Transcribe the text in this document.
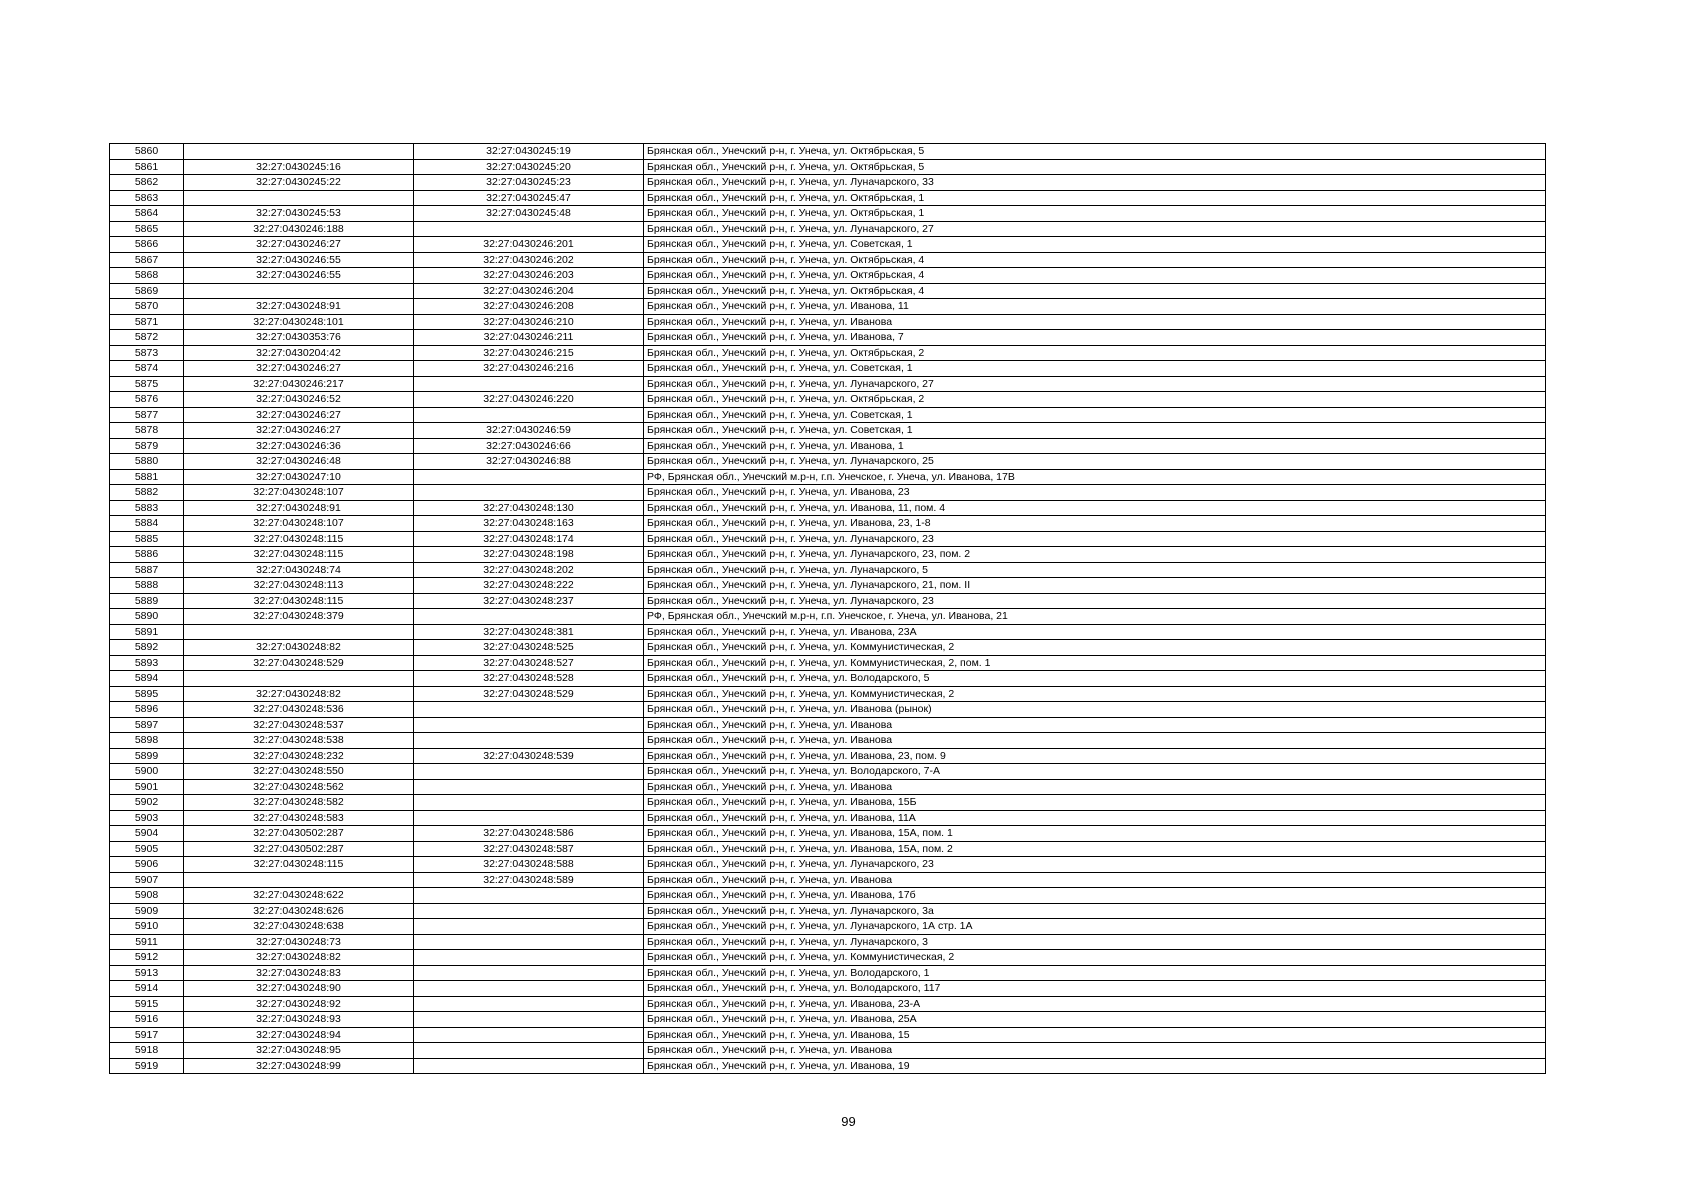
5860		32:27:0430245:19	Брянская обл., Унечский р-н, г. Унеча, ул. Октябрьская, 5
5861	32:27:0430245:16	32:27:0430245:20	Брянская обл., Унечский р-н, г. Унеча, ул. Октябрьская, 5
5862	32:27:0430245:22	32:27:0430245:23	Брянская обл., Унечский р-н, г. Унеча, ул. Луначарского, 33
5863		32:27:0430245:47	Брянская обл., Унечский р-н, г. Унеча, ул. Октябрьская, 1
5864	32:27:0430245:53	32:27:0430245:48	Брянская обл., Унечский р-н, г. Унеча, ул. Октябрьская, 1
5865	32:27:0430246:188		Брянская обл., Унечский р-н, г. Унеча, ул. Луначарского, 27
5866	32:27:0430246:27	32:27:0430246:201	Брянская обл., Унечский р-н, г. Унеча, ул. Советская, 1
5867	32:27:0430246:55	32:27:0430246:202	Брянская обл., Унечский р-н, г. Унеча, ул. Октябрьская, 4
5868	32:27:0430246:55	32:27:0430246:203	Брянская обл., Унечский р-н, г. Унеча, ул. Октябрьская, 4
5869		32:27:0430246:204	Брянская обл., Унечский р-н, г. Унеча, ул. Октябрьская, 4
5870	32:27:0430248:91	32:27:0430246:208	Брянская обл., Унечский р-н, г. Унеча, ул. Иванова, 11
5871	32:27:0430248:101	32:27:0430246:210	Брянская обл., Унечский р-н, г. Унеча, ул. Иванова
5872	32:27:0430353:76	32:27:0430246:211	Брянская обл., Унечский р-н, г. Унеча, ул. Иванова, 7
5873	32:27:0430204:42	32:27:0430246:215	Брянская обл., Унечский р-н, г. Унеча, ул. Октябрьская, 2
5874	32:27:0430246:27	32:27:0430246:216	Брянская обл., Унечский р-н, г. Унеча, ул. Советская, 1
5875	32:27:0430246:217		Брянская обл., Унечский р-н, г. Унеча, ул. Луначарского, 27
5876	32:27:0430246:52	32:27:0430246:220	Брянская обл., Унечский р-н, г. Унеча, ул. Октябрьская, 2
5877	32:27:0430246:27		Брянская обл., Унечский р-н, г. Унеча, ул. Советская, 1
5878	32:27:0430246:27	32:27:0430246:59	Брянская обл., Унечский р-н, г. Унеча, ул. Советская, 1
5879	32:27:0430246:36	32:27:0430246:66	Брянская обл., Унечский р-н, г. Унеча, ул. Иванова, 1
5880	32:27:0430246:48	32:27:0430246:88	Брянская обл., Унечский р-н, г. Унеча, ул. Луначарского, 25
5881	32:27:0430247:10		РФ, Брянская обл., Унечский м.р-н, г.п. Унечское, г. Унеча, ул. Иванова, 17В
5882	32:27:0430248:107		Брянская обл., Унечский р-н, г. Унеча, ул. Иванова, 23
5883	32:27:0430248:91	32:27:0430248:130	Брянская обл., Унечский р-н, г. Унеча, ул. Иванова, 11, пом. 4
5884	32:27:0430248:107	32:27:0430248:163	Брянская обл., Унечский р-н, г. Унеча, ул. Иванова, 23, 1-8
5885	32:27:0430248:115	32:27:0430248:174	Брянская обл., Унечский р-н, г. Унеча, ул. Луначарского, 23
5886	32:27:0430248:115	32:27:0430248:198	Брянская обл., Унечский р-н, г. Унеча, ул. Луначарского, 23, пом. 2
5887	32:27:0430248:74	32:27:0430248:202	Брянская обл., Унечский р-н, г. Унеча, ул. Луначарского, 5
5888	32:27:0430248:113	32:27:0430248:222	Брянская обл., Унечский р-н, г. Унеча, ул. Луначарского, 21, пом. II
5889	32:27:0430248:115	32:27:0430248:237	Брянская обл., Унечский р-н, г. Унеча, ул. Луначарского, 23
5890	32:27:0430248:379		РФ, Брянская обл., Унечский м.р-н, г.п. Унечское, г. Унеча, ул. Иванова, 21
5891		32:27:0430248:381	Брянская обл., Унечский р-н, г. Унеча, ул. Иванова, 23А
5892	32:27:0430248:82	32:27:0430248:525	Брянская обл., Унечский р-н, г. Унеча, ул. Коммунистическая, 2
5893	32:27:0430248:529	32:27:0430248:527	Брянская обл., Унечский р-н, г. Унеча, ул. Коммунистическая, 2, пом. 1
5894		32:27:0430248:528	Брянская обл., Унечский р-н, г. Унеча, ул. Володарского, 5
5895	32:27:0430248:82	32:27:0430248:529	Брянская обл., Унечский р-н, г. Унеча, ул. Коммунистическая, 2
5896	32:27:0430248:536		Брянская обл., Унечский р-н, г. Унеча, ул. Иванова (рынок)
5897	32:27:0430248:537		Брянская обл., Унечский р-н, г. Унеча, ул. Иванова
5898	32:27:0430248:538		Брянская обл., Унечский р-н, г. Унеча, ул. Иванова
5899	32:27:0430248:232	32:27:0430248:539	Брянская обл., Унечский р-н, г. Унеча, ул. Иванова, 23, пом. 9
5900	32:27:0430248:550		Брянская обл., Унечский р-н, г. Унеча, ул. Володарского, 7-А
5901	32:27:0430248:562		Брянская обл., Унечский р-н, г. Унеча, ул. Иванова
5902	32:27:0430248:582		Брянская обл., Унечский р-н, г. Унеча, ул. Иванова, 15Б
5903	32:27:0430248:583		Брянская обл., Унечский р-н, г. Унеча, ул. Иванова, 11А
5904	32:27:0430502:287	32:27:0430248:586	Брянская обл., Унечский р-н, г. Унеча, ул. Иванова, 15А, пом. 1
5905	32:27:0430502:287	32:27:0430248:587	Брянская обл., Унечский р-н, г. Унеча, ул. Иванова, 15А, пом. 2
5906	32:27:0430248:115	32:27:0430248:588	Брянская обл., Унечский р-н, г. Унеча, ул. Луначарского, 23
5907		32:27:0430248:589	Брянская обл., Унечский р-н, г. Унеча, ул. Иванова
5908	32:27:0430248:622		Брянская обл., Унечский р-н, г. Унеча, ул. Иванова, 17б
5909	32:27:0430248:626		Брянская обл., Унечский р-н, г. Унеча, ул. Луначарского, 3а
5910	32:27:0430248:638		Брянская обл., Унечский р-н, г. Унеча, ул. Луначарского, 1А стр. 1А
5911	32:27:0430248:73		Брянская обл., Унечский р-н, г. Унеча, ул. Луначарского, 3
5912	32:27:0430248:82		Брянская обл., Унечский р-н, г. Унеча, ул. Коммунистическая, 2
5913	32:27:0430248:83		Брянская обл., Унечский р-н, г. Унеча, ул. Володарского, 1
5914	32:27:0430248:90		Брянская обл., Унечский р-н, г. Унеча, ул. Володарского, 117
5915	32:27:0430248:92		Брянская обл., Унечский р-н, г. Унеча, ул. Иванова, 23-А
5916	32:27:0430248:93		Брянская обл., Унечский р-н, г. Унеча, ул. Иванова, 25А
5917	32:27:0430248:94		Брянская обл., Унечский р-н, г. Унеча, ул. Иванова, 15
5918	32:27:0430248:95		Брянская обл., Унечский р-н, г. Унеча, ул. Иванова
5919	32:27:0430248:99		Брянская обл., Унечский р-н, г. Унеча, ул. Иванова, 19
99
